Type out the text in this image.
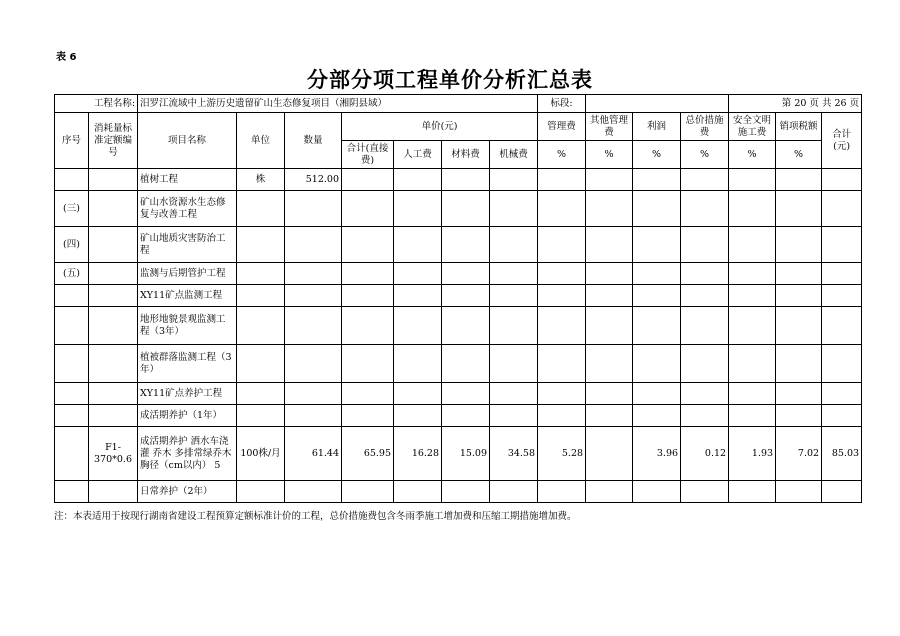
表 6
分部分项工程单价分析汇总表
工程名称:		汨罗江流域中上游历史遗留矿山生态修复项目（湘阴县域）							标段:				第 20 页 共 26 页		
序号	消耗量标准定额编号	项目名称	单位	数量	单价(元)				管理费	其他管理费	利润	总价措施费	安全文明施工费	销项税额	合计(元)
					合计(直接费)	人工费	材料费	机械费	%	%	%	%	%	%	
		植树工程	株	512.00											
(三)		矿山水资源水生态修复与改善工程													
(四)		矿山地质灾害防治工程													
(五)		监测与后期管护工程													
		XY11矿点监测工程													
		地形地貌景观监测工程（3年）													
		植被群落监测工程（3年）													
		XY11矿点养护工程													
		成活期养护（1年）													
	F1-370*0.6	成活期养护 洒水车浇灌 乔木 多排常绿乔木 胸径（cm以内） 5	100株/月	61.44	65.95	16.28	15.09	34.58	5.28		3.96	0.12	1.93	7.02	85.03
		日常养护（2年）													
注：本表适用于按现行湖南省建设工程预算定额标准计价的工程，总价措施费包含冬雨季施工增加费和压缩工期措施增加费。
